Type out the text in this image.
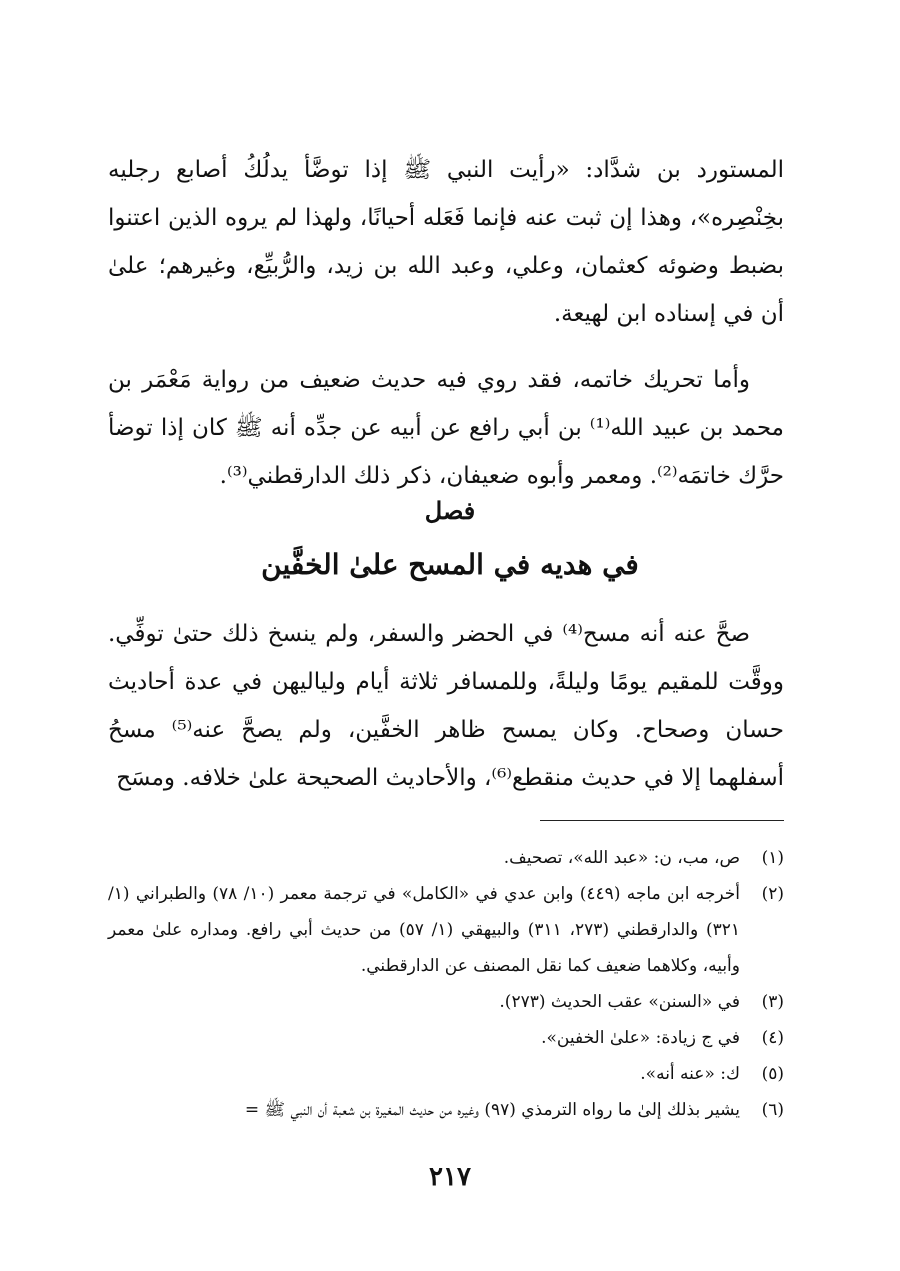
المستورد بن شدَّاد: «رأيت النبي ﷺ إذا توضَّأ يدلُكُ أصابع رجليه بخِنْصِره»، وهذا إن ثبت عنه فإنما فَعَله أحيانًا، ولهذا لم يروه الذين اعتنوا بضبط وضوئه كعثمان، وعلي، وعبد الله بن زيد، والرُّبيِّع، وغيرهم؛ علىٰ أن في إسناده ابن لهيعة.

وأما تحريك خاتمه، فقد روي فيه حديث ضعيف من رواية مَعْمَر بن محمد بن عبيد الله⁽¹⁾ بن أبي رافع عن أبيه عن جدِّه أنه ﷺ كان إذا توضأ حرَّك خاتمَه⁽²⁾. ومعمر وأبوه ضعيفان، ذكر ذلك الدارقطني⁽³⁾.

فصل
في هديه في المسح علىٰ الخفَّين

صحَّ عنه أنه مسح⁽⁴⁾ في الحضر والسفر، ولم ينسخ ذلك حتىٰ توفِّي. ووقَّت للمقيم يومًا وليلةً، وللمسافر ثلاثة أيام ولياليهن في عدة أحاديث حسان وصحاح. وكان يمسح ظاهر الخفَّين، ولم يصحَّ عنه⁽⁵⁾ مسحُ أسفلهما إلا في حديث منقطع⁽⁶⁾، والأحاديث الصحيحة علىٰ خلافه. ومسَح

(١)
ص، مب، ن: «عبد الله»، تصحيف.
(٢)
أخرجه ابن ماجه (٤٤٩) وابن عدي في «الكامل» في ترجمة معمر (١٠/ ٧٨) والطبراني (١/ ٣٢١) والدارقطني (٢٧٣، ٣١١) والبيهقي (١/ ٥٧) من حديث أبي رافع. ومداره علىٰ معمر وأبيه، وكلاهما ضعيف كما نقل المصنف عن الدارقطني.
(٣)
في «السنن» عقب الحديث (٢٧٣).
(٤)
في ج زيادة: «علىٰ الخفين».
(٥)
ك: «عنه أنه».
(٦)
يشير بذلك إلىٰ ما رواه الترمذي (٩٧) وغيره من حديث المغيرة بن شعبة أن النبي ﷺ =
٢١٧
